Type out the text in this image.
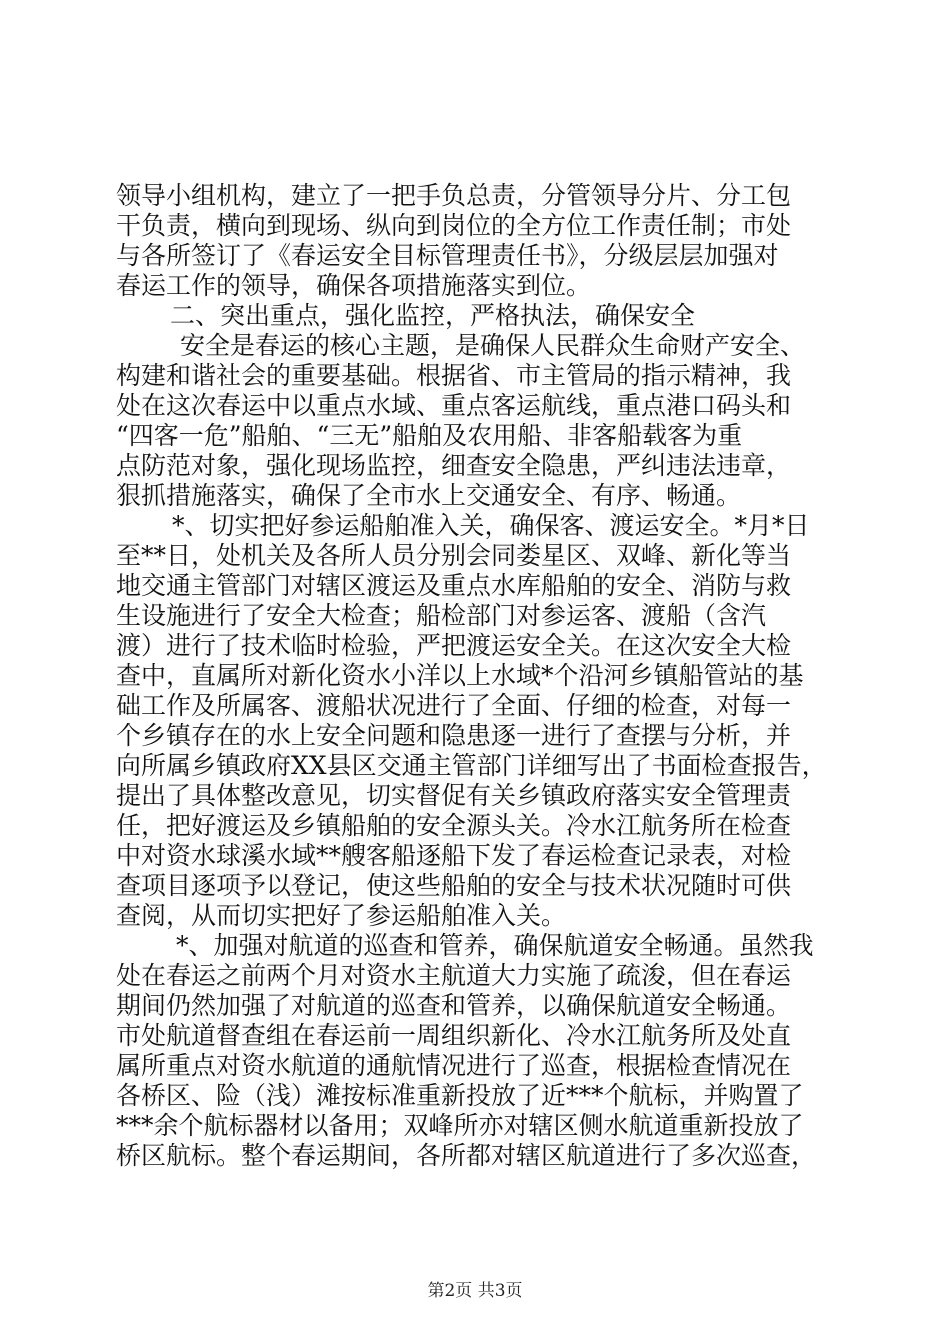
领导小组机构，建立了一把手负总责，分管领导分片、分工包
干负责，横向到现场、纵向到岗位的全方位工作责任制；市处
与各所签订了《春运安全目标管理责任书》，分级层层加强对
春运工作的领导，确保各项措施落实到位。
二、突出重点，强化监控，严格执法，确保安全
安全是春运的核心主题，是确保人民群众生命财产安全、
构建和谐社会的重要基础。根据省、市主管局的指示精神，我
处在这次春运中以重点水域、重点客运航线，重点港口码头和
“四客一危”船舶、“三无”船舶及农用船、非客船载客为重
点防范对象，强化现场监控，细查安全隐患，严纠违法违章，
狠抓措施落实，确保了全市水上交通安全、有序、畅通。
*、切实把好参运船舶准入关，确保客、渡运安全。*月*日
至**日，处机关及各所人员分别会同娄星区、双峰、新化等当
地交通主管部门对辖区渡运及重点水库船舶的安全、消防与救
生设施进行了安全大检查；船检部门对参运客、渡船（含汽
渡）进行了技术临时检验，严把渡运安全关。在这次安全大检
查中，直属所对新化资水小洋以上水域*个沿河乡镇船管站的基
础工作及所属客、渡船状况进行了全面、仔细的检查，对每一
个乡镇存在的水上安全问题和隐患逐一进行了查摆与分析，并
向所属乡镇政府XX县区交通主管部门详细写出了书面检查报告，
提出了具体整改意见，切实督促有关乡镇政府落实安全管理责
任，把好渡运及乡镇船舶的安全源头关。冷水江航务所在检查
中对资水球溪水域**艘客船逐船下发了春运检查记录表，对检
查项目逐项予以登记，使这些船舶的安全与技术状况随时可供
查阅，从而切实把好了参运船舶准入关。
*、加强对航道的巡查和管养，确保航道安全畅通。虽然我
处在春运之前两个月对资水主航道大力实施了疏浚，但在春运
期间仍然加强了对航道的巡查和管养，以确保航道安全畅通。
市处航道督查组在春运前一周组织新化、冷水江航务所及处直
属所重点对资水航道的通航情况进行了巡查，根据检查情况在
各桥区、险（浅）滩按标准重新投放了近***个航标，并购置了
***余个航标器材以备用；双峰所亦对辖区侧水航道重新投放了
桥区航标。整个春运期间，各所都对辖区航道进行了多次巡查，
第2页 共3页
